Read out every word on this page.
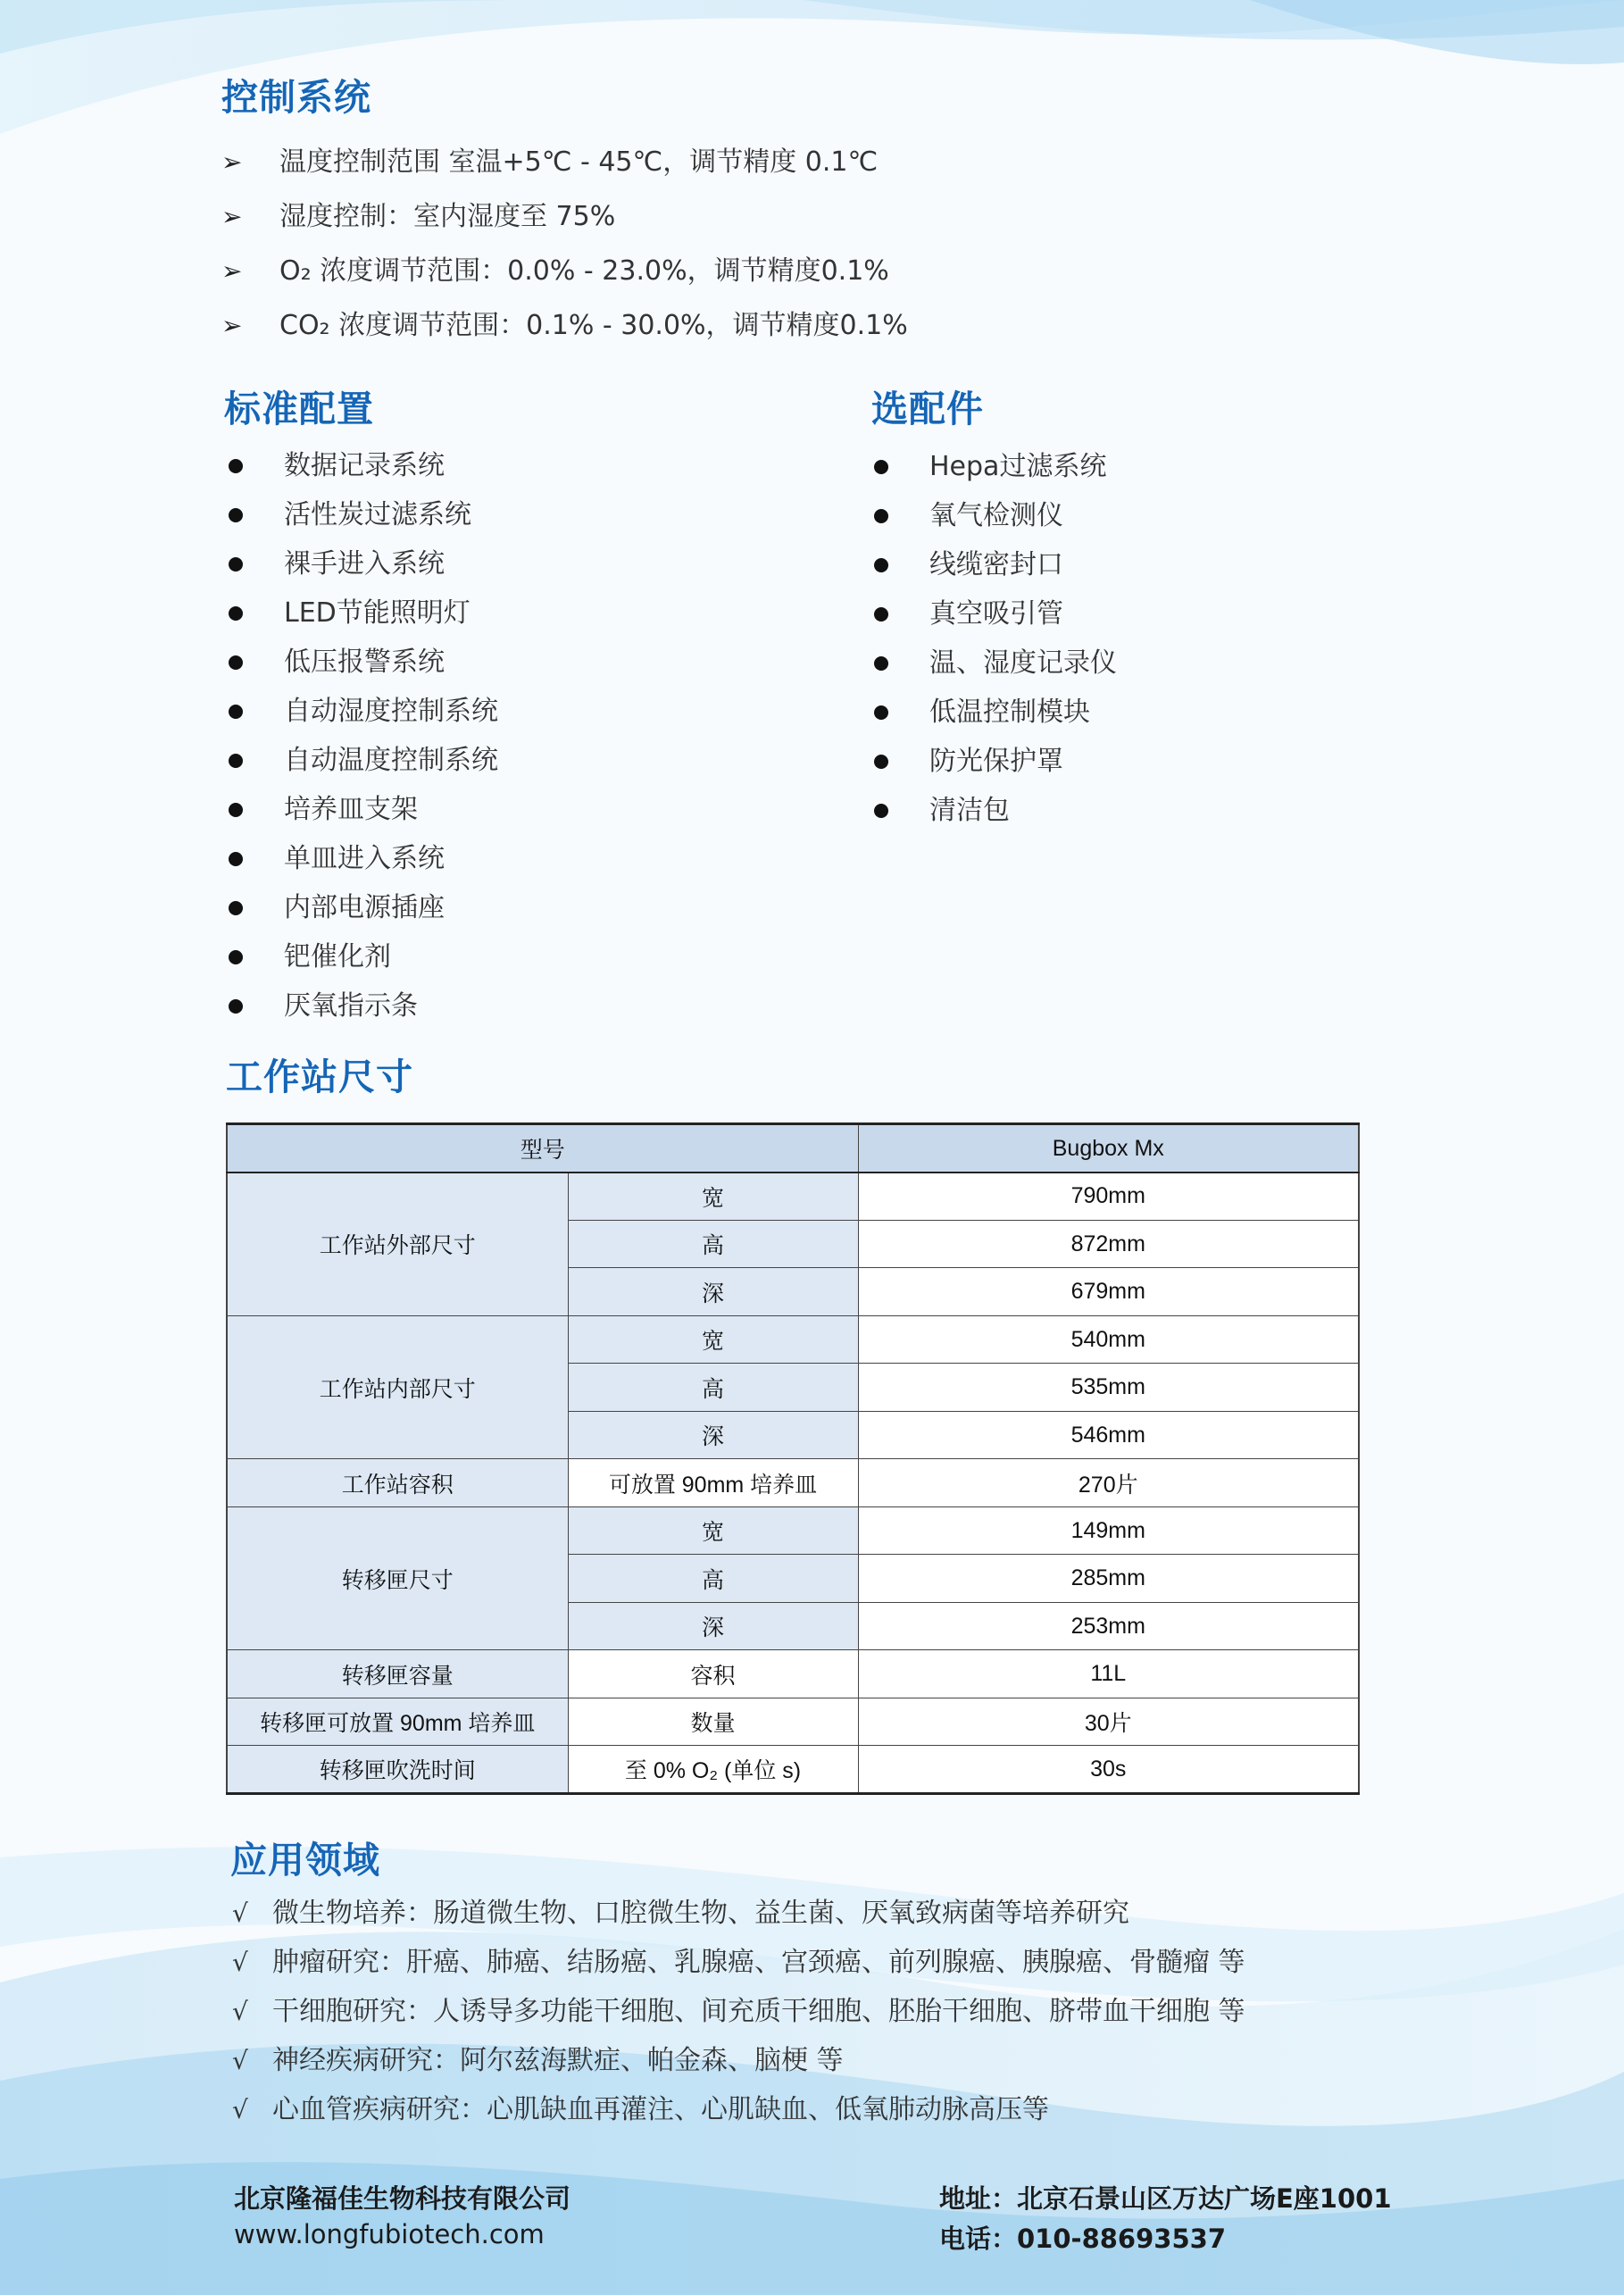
控制系统
➢ 温度控制范围 室温+5℃ - 45℃，调节精度 0.1℃
➢ 湿度控制：室内湿度至 75%
➢ O₂ 浓度调节范围：0.0% - 23.0%，调节精度0.1%
➢ CO₂ 浓度调节范围：0.1% - 30.0%，调节精度0.1%
标准配置
数据记录系统
活性炭过滤系统
裸手进入系统
LED节能照明灯
低压报警系统
自动湿度控制系统
自动温度控制系统
培养皿支架
单皿进入系统
内部电源插座
钯催化剂
厌氧指示条
选配件
Hepa过滤系统
氧气检测仪
线缆密封口
真空吸引管
温、湿度记录仪
低温控制模块
防光保护罩
清洁包
工作站尺寸
型号		Bugbox Mx
工作站外部尺寸	宽	790mm
	高	872mm
	深	679mm
工作站内部尺寸	宽	540mm
	高	535mm
	深	546mm
工作站容积	可放置 90mm 培养皿	270片
转移匣尺寸	宽	149mm
	高	285mm
	深	253mm
转移匣容量	容积	11L
转移匣可放置 90mm 培养皿	数量	30片
转移匣吹洗时间	至 0% O₂ (单位 s)	30s
应用领域
√ 微生物培养：肠道微生物、口腔微生物、益生菌、厌氧致病菌等培养研究
√ 肿瘤研究：肝癌、肺癌、结肠癌、乳腺癌、宫颈癌、前列腺癌、胰腺癌、骨髓瘤 等
√ 干细胞研究：人诱导多功能干细胞、间充质干细胞、胚胎干细胞、脐带血干细胞 等
√ 神经疾病研究：阿尔兹海默症、帕金森、脑梗 等
√ 心血管疾病研究：心肌缺血再灌注、心肌缺血、低氧肺动脉高压等
北京隆福佳生物科技有限公司
www.longfubiotech.com
地址：北京石景山区万达广场E座1001
电话：010-88693537
